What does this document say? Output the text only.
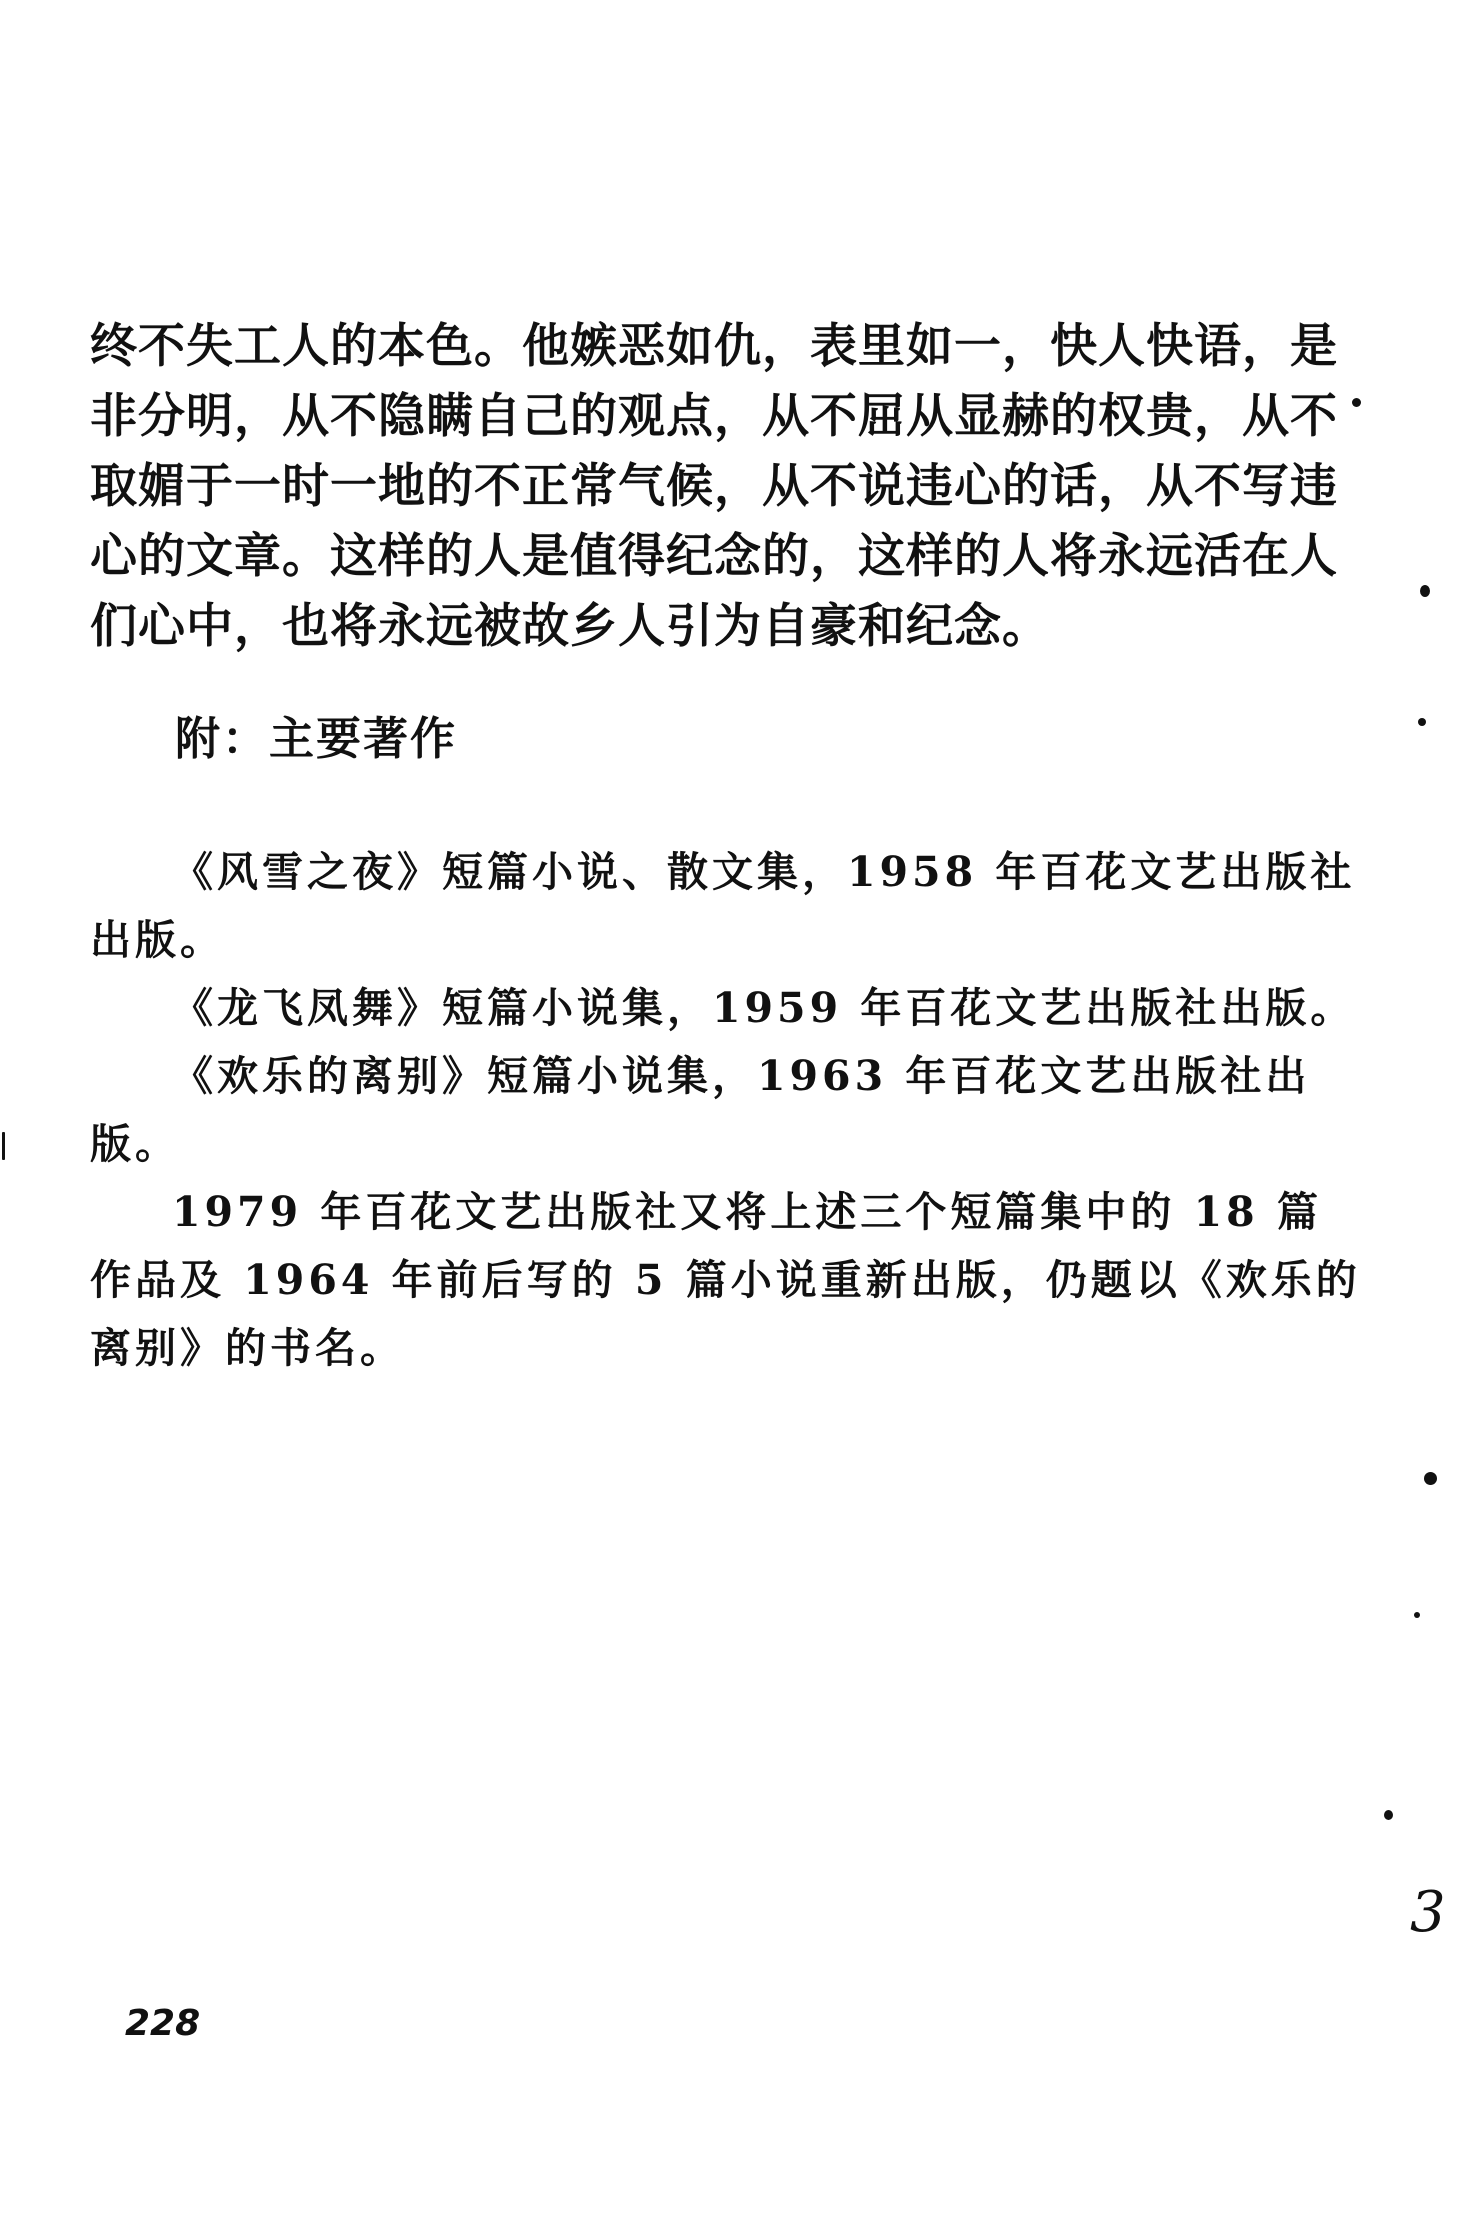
终不失工人的本色。他嫉恶如仇，表里如一，快人快语，是
非分明，从不隐瞒自己的观点，从不屈从显赫的权贵，从不
取媚于一时一地的不正常气候，从不说违心的话，从不写违
心的文章。这样的人是值得纪念的，这样的人将永远活在人
们心中，也将永远被故乡人引为自豪和纪念。

附：主要著作
《风雪之夜》短篇小说、散文集，1958 年百花文艺出版社
出版。
《龙飞凤舞》短篇小说集，1959 年百花文艺出版社出版。
《欢乐的离别》短篇小说集，1963 年百花文艺出版社出
版。
1979 年百花文艺出版社又将上述三个短篇集中的 18 篇
作品及 1964 年前后写的 5 篇小说重新出版，仍题以《欢乐的
离别》的书名。
228
3
